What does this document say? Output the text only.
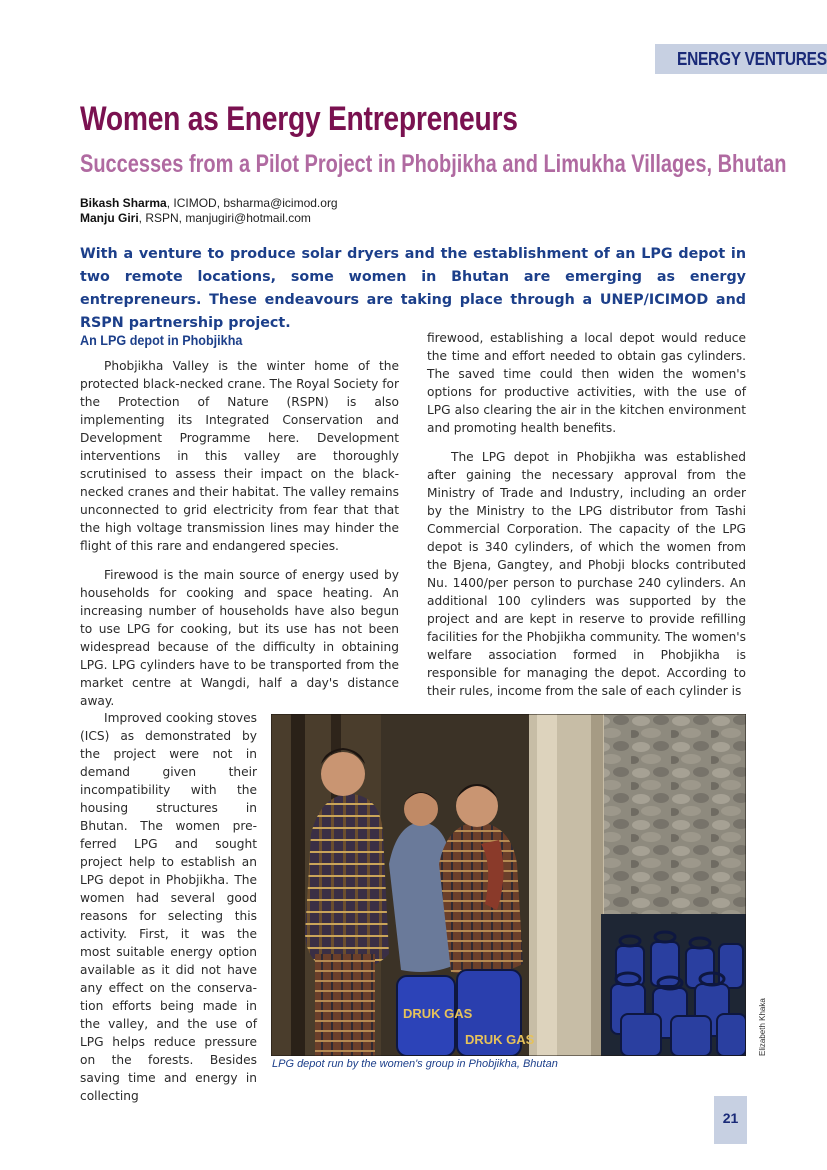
ENERGY VENTURES
Women as Energy Entrepreneurs
Successes from a Pilot Project in Phobjikha and Limukha Villages, Bhutan
Bikash Sharma, ICIMOD, bsharma@icimod.org
Manju Giri, RSPN, manjugiri@hotmail.com

With a venture to produce solar dryers and the establishment of an LPG depot in two remote locations, some women in Bhutan are emerging as energy entrepreneurs. These endeavours are taking place through a UNEP/ICIMOD and RSPN partnership project.

An LPG depot in Phobjikha

Phobjikha Valley is the winter home of the protected black-necked crane. The Royal Society for the Protection of Nature (RSPN) is also implementing its Integrated Conservation and Development Programme here. Development interventions in this valley are thoroughly scrutinised to assess their impact on the black-necked cranes and their habitat. The valley remains unconnected to grid electricity from fear that that the high voltage transmission lines may hinder the flight of this rare and endangered species.

Firewood is the main source of energy used by households for cooking and space heating. An increasing number of households have also begun to use LPG for cooking, but its use has not been widespread because of the difficulty in obtaining LPG. LPG cylinders have to be transported from the market centre at Wangdi, half a day's distance away.

firewood, establishing a local depot would reduce the time and effort needed to obtain gas cylinders. The saved time could then widen the women's options for productive activities, with the use of LPG also clearing the air in the kitchen environment and promoting health benefits.

The LPG depot in Phobjikha was established after gaining the necessary approval from the Ministry of Trade and Industry, including an order by the Ministry to the LPG distributor from Tashi Commercial Corporation. The capacity of the LPG depot is 340 cylinders, of which the women from the Bjena, Gangtey, and Phobji blocks contributed Nu. 1400/per person to purchase 240 cylinders. An additional 100 cylinders was supported by the project and are kept in reserve to provide refilling facilities for the Phobjikha community. The women's welfare association formed in Phobjikha is responsible for managing the depot. According to their rules, income from the sale of each cylinder is

Improved cooking stoves (ICS) as demonstrated by the project were not in demand given their incompatibility with the housing structures in Bhutan. The women pre-ferred LPG and sought project help to establish an LPG depot in Phobjikha. The women had several good reasons for selecting this activity. First, it was the most suitable energy option available as it did not have any effect on the conserva-tion efforts being made in the valley, and the use of LPG helps reduce pressure on the forests. Besides saving time and energy in collecting

DRUK GAS
DRUK GAS
LPG depot run by the women's group in Phobjikha, Bhutan
Elizabeth Khaka
21
